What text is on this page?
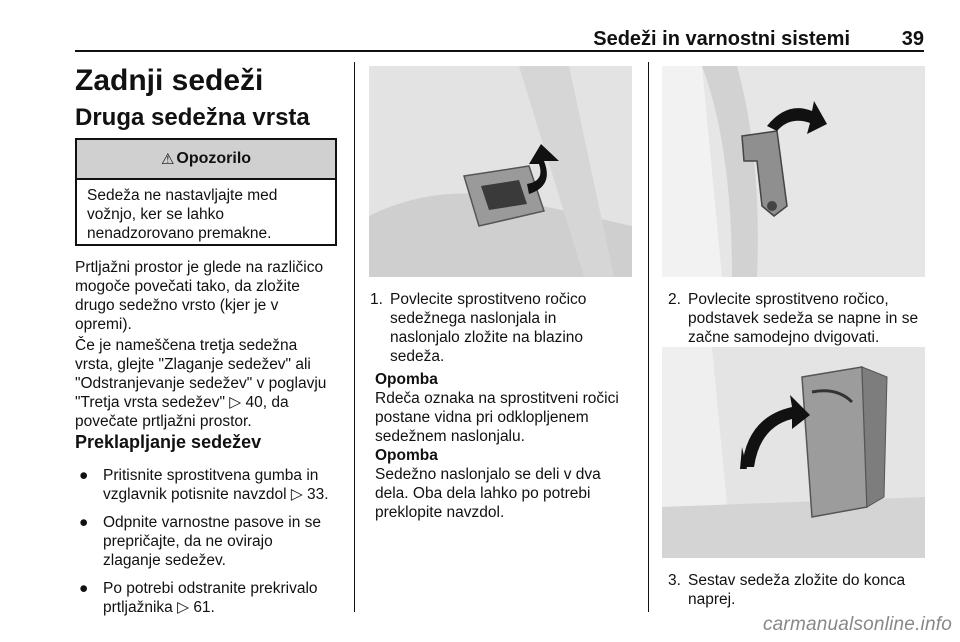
Sedeži in varnostni sistemi	39
Zadnji sedeži
Druga sedežna vrsta
⚠ Opozorilo
Sedeža ne nastavljajte med
vožnjo, ker se lahko
nenadzorovano premakne.
Prtljažni prostor je glede na različico
mogoče povečati tako, da zložite
drugo sedežno vrsto (kjer je v
opremi).
Če je nameščena tretja sedežna
vrsta, glejte "Zlaganje sedežev" ali
"Odstranjevanje sedežev" v poglavju
"Tretja vrsta sedežev" ▷ 40, da
povečate prtljažni prostor.
Preklapljanje sedežev
● Pritisnite sprostitvena gumba in
vzglavnik potisnite navzdol ▷ 33.
● Odpnite varnostne pasove in se
prepričajte, da ne ovirajo
zlaganje sedežev.
● Po potrebi odstranite prekrivalo
prtljažnika ▷ 61.
1. Povlecite sprostitveno ročico
sedežnega naslonjala in
naslonjalo zložite na blazino
sedeža.
Opomba
Rdeča oznaka na sprostitveni ročici
postane vidna pri odklopljenem
sedežnem naslonjalu.
Opomba
Sedežno naslonjalo se deli v dva
dela. Oba dela lahko po potrebi
preklopite navzdol.
2. Povlecite sprostitveno ročico,
podstavek sedeža se napne in se
začne samodejno dvigovati.
3. Sestav sedeža zložite do konca
naprej.
carmanualsonline.info
